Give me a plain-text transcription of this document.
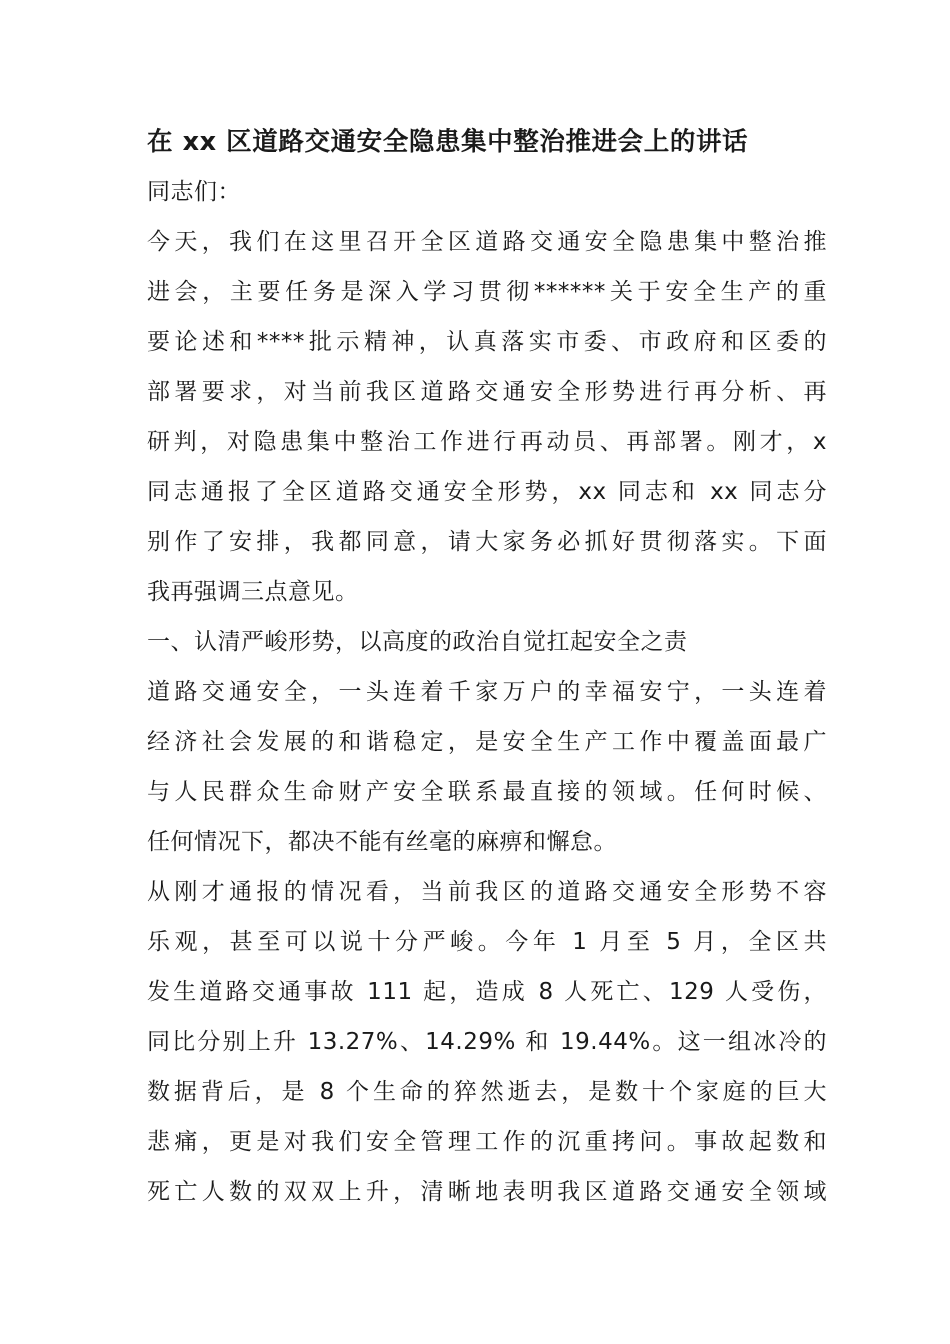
在 xx 区道路交通安全隐患集中整治推进会上的讲话
同志们：
今天，我们在这里召开全区道路交通安全隐患集中整治推
进会，主要任务是深入学习贯彻******关于安全生产的重
要论述和****批示精神，认真落实市委、市政府和区委的
部署要求，对当前我区道路交通安全形势进行再分析、再
研判，对隐患集中整治工作进行再动员、再部署。刚才，x
同志通报了全区道路交通安全形势，xx 同志和 xx 同志分
别作了安排，我都同意，请大家务必抓好贯彻落实。下面
我再强调三点意见。
一、认清严峻形势，以高度的政治自觉扛起安全之责
道路交通安全，一头连着千家万户的幸福安宁，一头连着
经济社会发展的和谐稳定，是安全生产工作中覆盖面最广
与人民群众生命财产安全联系最直接的领域。任何时候、
任何情况下，都决不能有丝毫的麻痹和懈怠。
从刚才通报的情况看，当前我区的道路交通安全形势不容
乐观，甚至可以说十分严峻。今年 1 月至 5 月，全区共
发生道路交通事故 111 起，造成 8 人死亡、129 人受伤，
同比分别上升 13.27%、14.29% 和 19.44%。这一组冰冷的
数据背后，是 8 个生命的猝然逝去，是数十个家庭的巨大
悲痛，更是对我们安全管理工作的沉重拷问。事故起数和
死亡人数的双双上升，清晰地表明我区道路交通安全领域
